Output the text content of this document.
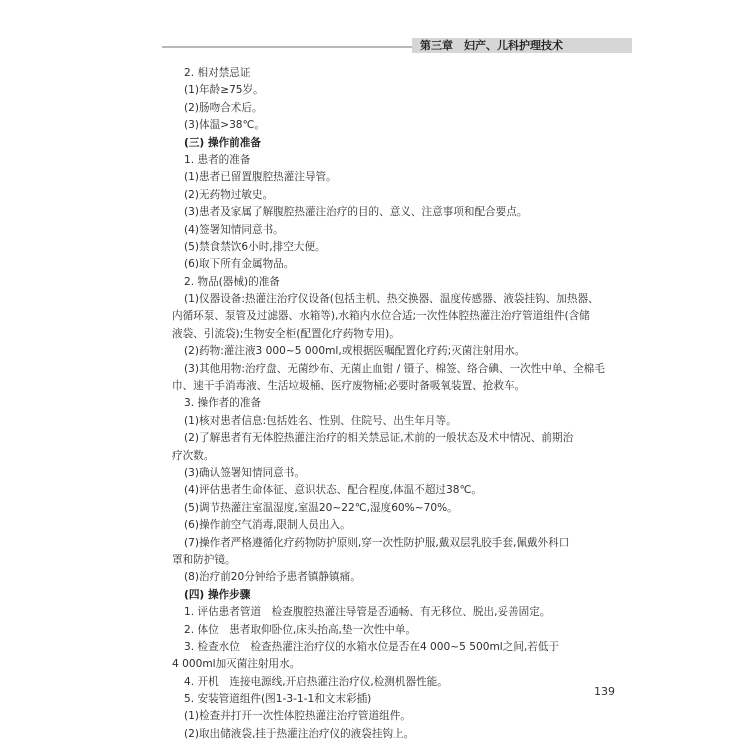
第三章　妇产、儿科护理技术
2. 相对禁忌证
(1)年龄≥75岁。
(2)肠吻合术后。
(3)体温>38℃。
(三) 操作前准备
1. 患者的准备
(1)患者已留置腹腔热灌注导管。
(2)无药物过敏史。
(3)患者及家属了解腹腔热灌注治疗的目的、意义、注意事项和配合要点。
(4)签署知情同意书。
(5)禁食禁饮6小时,排空大便。
(6)取下所有金属物品。
2. 物品(器械)的准备
(1)仪器设备:热灌注治疗仪设备(包括主机、热交换器、温度传感器、液袋挂钩、加热器、
内循环泵、泵管及过滤器、水箱等),水箱内水位合适;一次性体腔热灌注治疗管道组件(含储
液袋、引流袋);生物安全柜(配置化疗药物专用)。
(2)药物:灌注液3 000~5 000ml,或根据医嘱配置化疗药;灭菌注射用水。
(3)其他用物:治疗盘、无菌纱布、无菌止血钳 / 镊子、棉签、络合碘、一次性中单、全棉毛
巾、速干手消毒液、生活垃圾桶、医疗废物桶;必要时备吸氧装置、抢救车。
3. 操作者的准备
(1)核对患者信息:包括姓名、性别、住院号、出生年月等。
(2)了解患者有无体腔热灌注治疗的相关禁忌证,术前的一般状态及术中情况、前期治
疗次数。
(3)确认签署知情同意书。
(4)评估患者生命体征、意识状态、配合程度,体温不超过38℃。
(5)调节热灌注室温湿度,室温20~22℃,湿度60%~70%。
(6)操作前空气消毒,限制人员出入。
(7)操作者严格遵循化疗药物防护原则,穿一次性防护服,戴双层乳胶手套,佩戴外科口
罩和防护镜。
(8)治疗前20分钟给予患者镇静镇痛。
(四) 操作步骤
1. 评估患者管道　检查腹腔热灌注导管是否通畅、有无移位、脱出,妥善固定。
2. 体位　患者取仰卧位,床头抬高,垫一次性中单。
3. 检查水位　检查热灌注治疗仪的水箱水位是否在4 000~5 500ml之间,若低于
4 000ml加灭菌注射用水。
4. 开机　连接电源线,开启热灌注治疗仪,检测机器性能。
5. 安装管道组件(图1-3-1-1和文末彩插)
(1)检查并打开一次性体腔热灌注治疗管道组件。
(2)取出储液袋,挂于热灌注治疗仪的液袋挂钩上。
139
